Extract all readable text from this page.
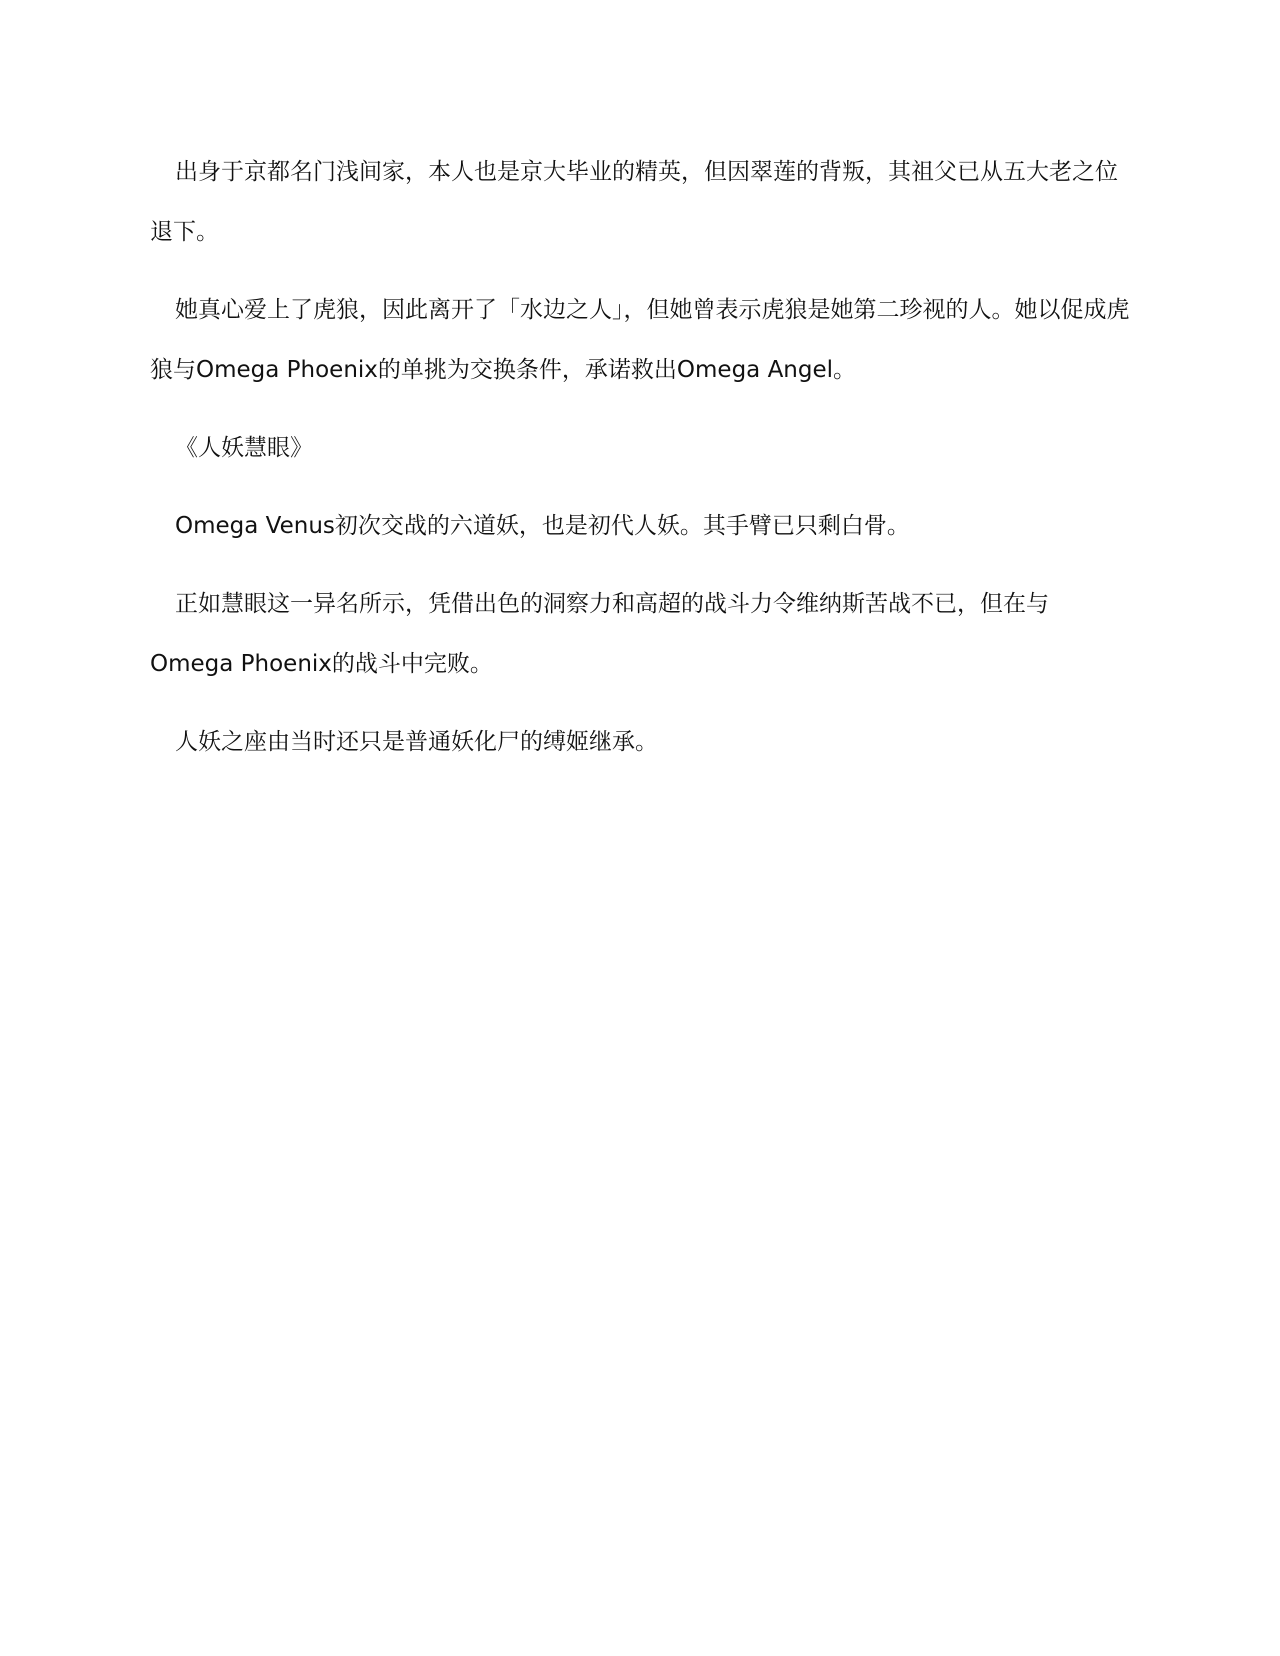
出身于京都名门浅间家，本人也是京大毕业的精英，但因翠莲的背叛，其祖父已从五大老之位退下。

她真心爱上了虎狼，因此离开了「水边之人」，但她曾表示虎狼是她第二珍视的人。她以促成虎狼与Omega Phoenix的单挑为交换条件，承诺救出Omega Angel。

《人妖慧眼》

Omega Venus初次交战的六道妖，也是初代人妖。其手臂已只剩白骨。

正如慧眼这一异名所示，凭借出色的洞察力和高超的战斗力令维纳斯苦战不已，但在与Omega Phoenix的战斗中完败。

人妖之座由当时还只是普通妖化尸的缚姬继承。
